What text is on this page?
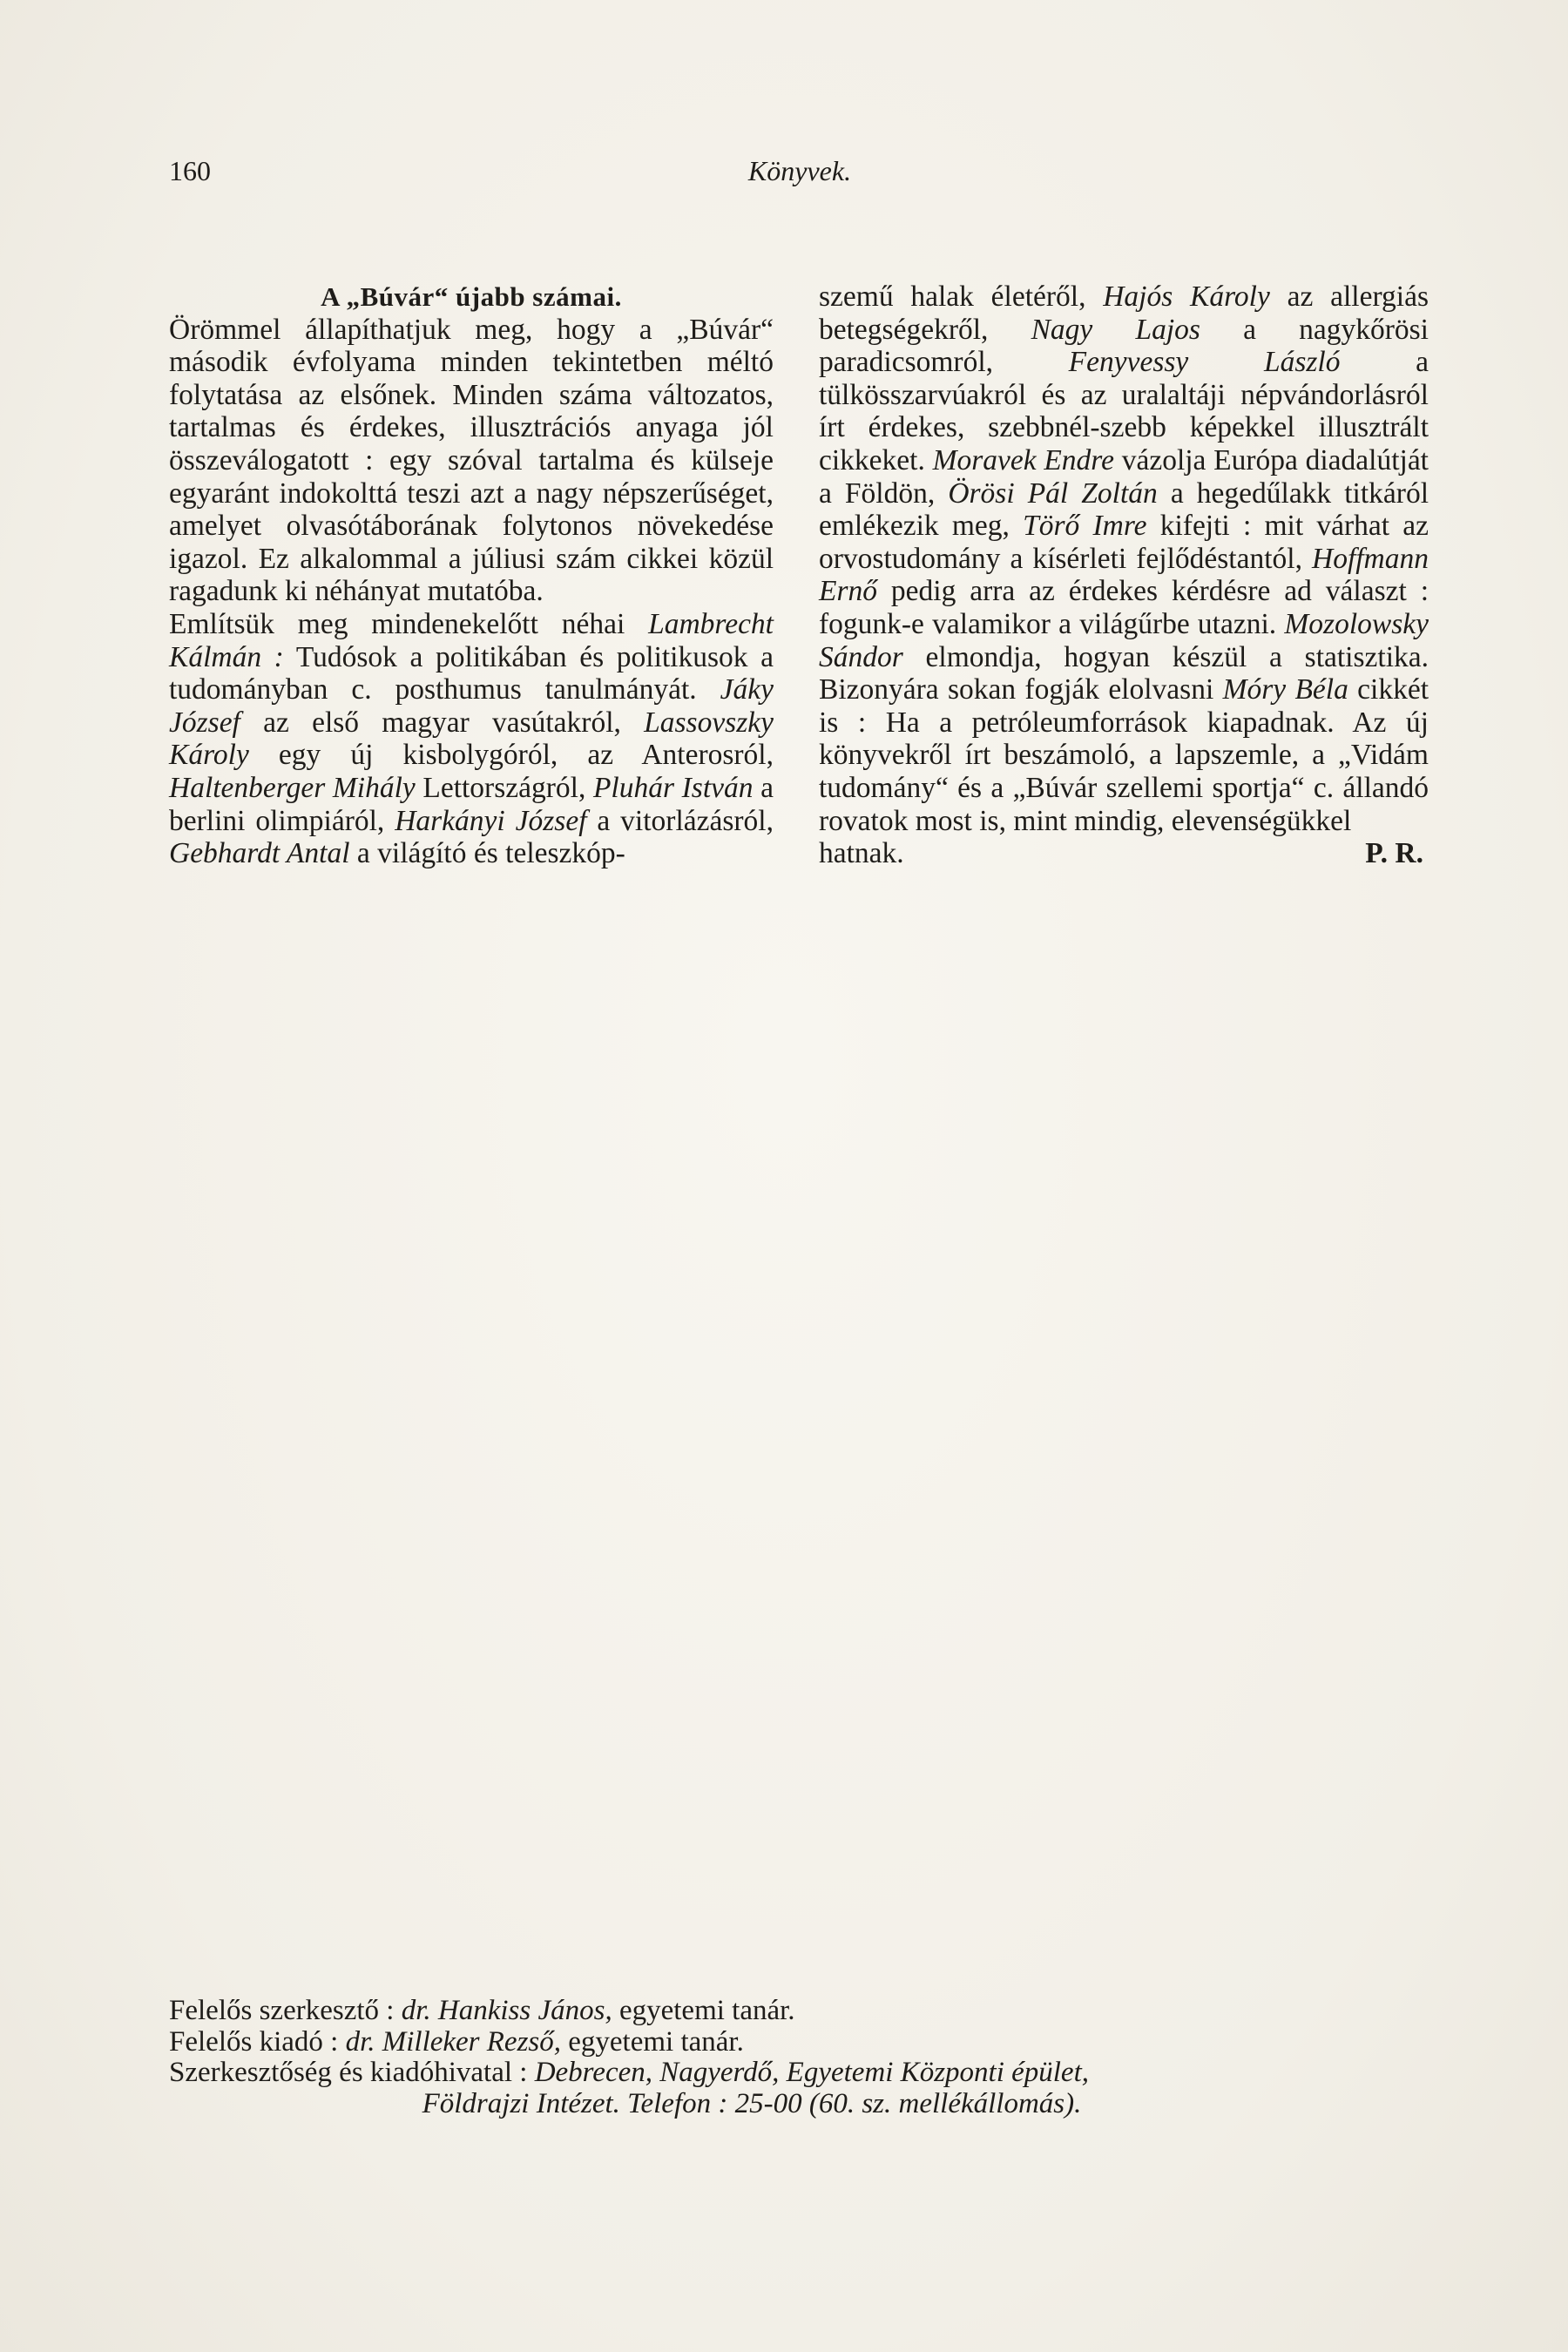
160	Könyvek.

A „Búvár“ újabb számai.

Örömmel állapíthatjuk meg, hogy a „Búvár“ második évfolyama minden tekintetben méltó folytatása az elsőnek. Minden száma változatos, tartalmas és érdekes, illusztrációs anyaga jól összeválogatott : egy szóval tartalma és külseje egyaránt indokolttá teszi azt a nagy népszerűséget, amelyet olvasótáborának folytonos növekedése igazol. Ez alkalommal a júliusi szám cikkei közül ragadunk ki néhányat mutatóba.

Említsük meg mindenekelőtt néhai Lambrecht Kálmán : Tudósok a politikában és politikusok a tudományban c. posthumus tanulmányát. Jáky József az első magyar vasútakról, Lassovszky Károly egy új kisbolygóról, az Anterosról, Haltenberger Mihály Lettországról, Pluhár István a berlini olimpiáról, Harkányi József a vitorlázásról, Gebhardt Antal a világító és teleszkóp-

szemű halak életéről, Hajós Károly az allergiás betegségekről, Nagy Lajos a nagykőrösi paradicsomról, Fenyvessy László a tülkösszarvúakról és az uralaltáji népvándorlásról írt érdekes, szebbnél-szebb képekkel illusztrált cikkeket. Moravek Endre vázolja Európa diadalútját a Földön, Örösi Pál Zoltán a hegedűlakk titkáról emlékezik meg, Törő Imre kifejti : mit várhat az orvostudomány a kísérleti fejlődéstantól, Hoffmann Ernő pedig arra az érdekes kérdésre ad választ : fogunk-e valamikor a világűrbe utazni. Mozolowsky Sándor elmondja, hogyan készül a statisztika. Bizonyára sokan fogják elolvasni Móry Béla cikkét is : Ha a petróleumforrások kiapadnak. Az új könyvekről írt beszámoló, a lapszemle, a „Vidám tudomány“ és a „Búvár szellemi sportja“ c. állandó rovatok most is, mint mindig, elevenségükkel

hatnak.	P. R.
Felelős szerkesztő : dr. Hankiss János, egyetemi tanár.
Felelős kiadó : dr. Milleker Rezső, egyetemi tanár.
Szerkesztőség és kiadóhivatal : Debrecen, Nagyerdő, Egyetemi Központi épület,
Földrajzi Intézet. Telefon : 25-00 (60. sz. mellékállomás).
